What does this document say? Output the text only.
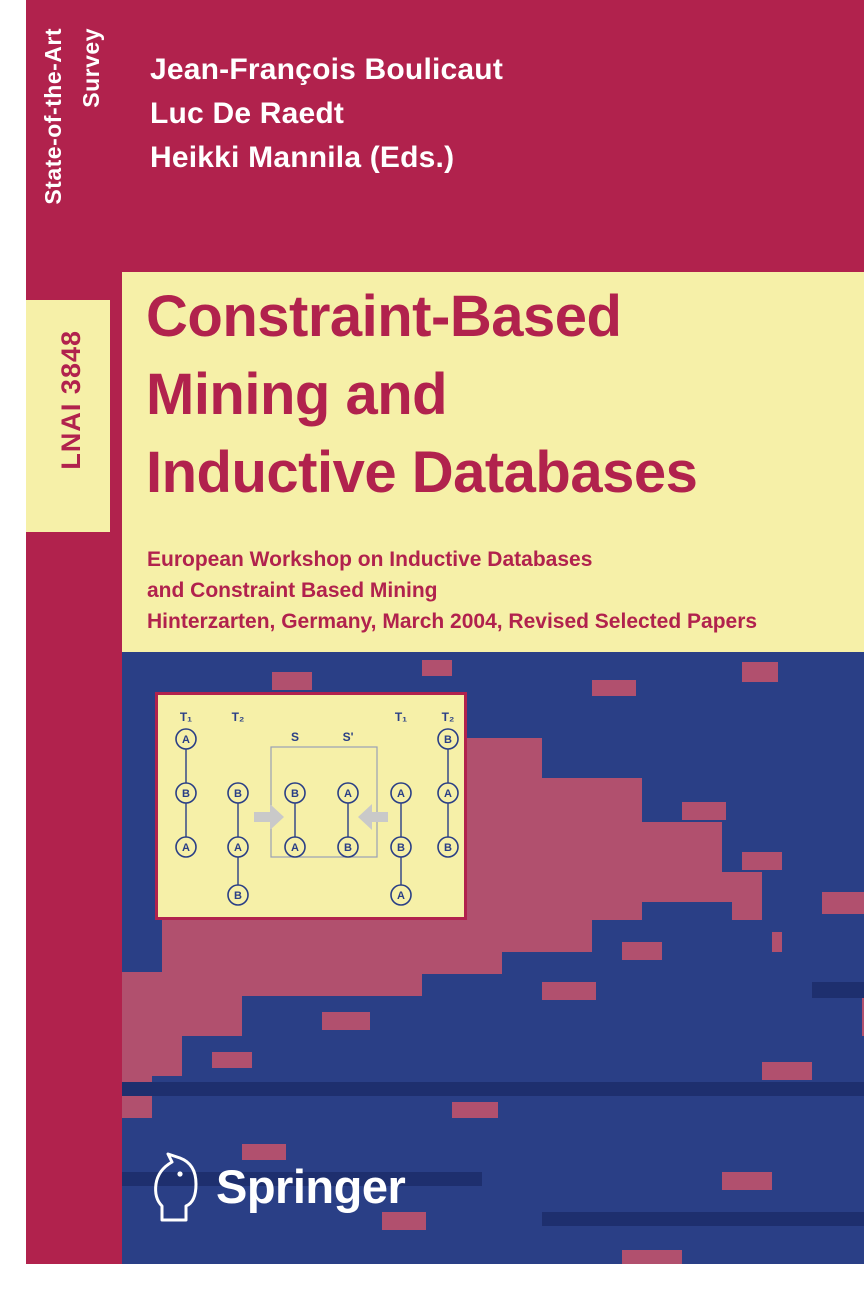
State-of-the-Art Survey
LNAI 3848
Jean-François Boulicaut
Luc De Raedt
Heikki Mannila (Eds.)
Constraint-Based
Mining and
Inductive Databases
European Workshop on Inductive Databases
and Constraint Based Mining
Hinterzarten, Germany, March 2004, Revised Selected Papers
T₁	T₂
S	S'
T₁	T₂
A
B
A
B
A
B
B
A
A
B
A
B
A
B
A
B
Springer
